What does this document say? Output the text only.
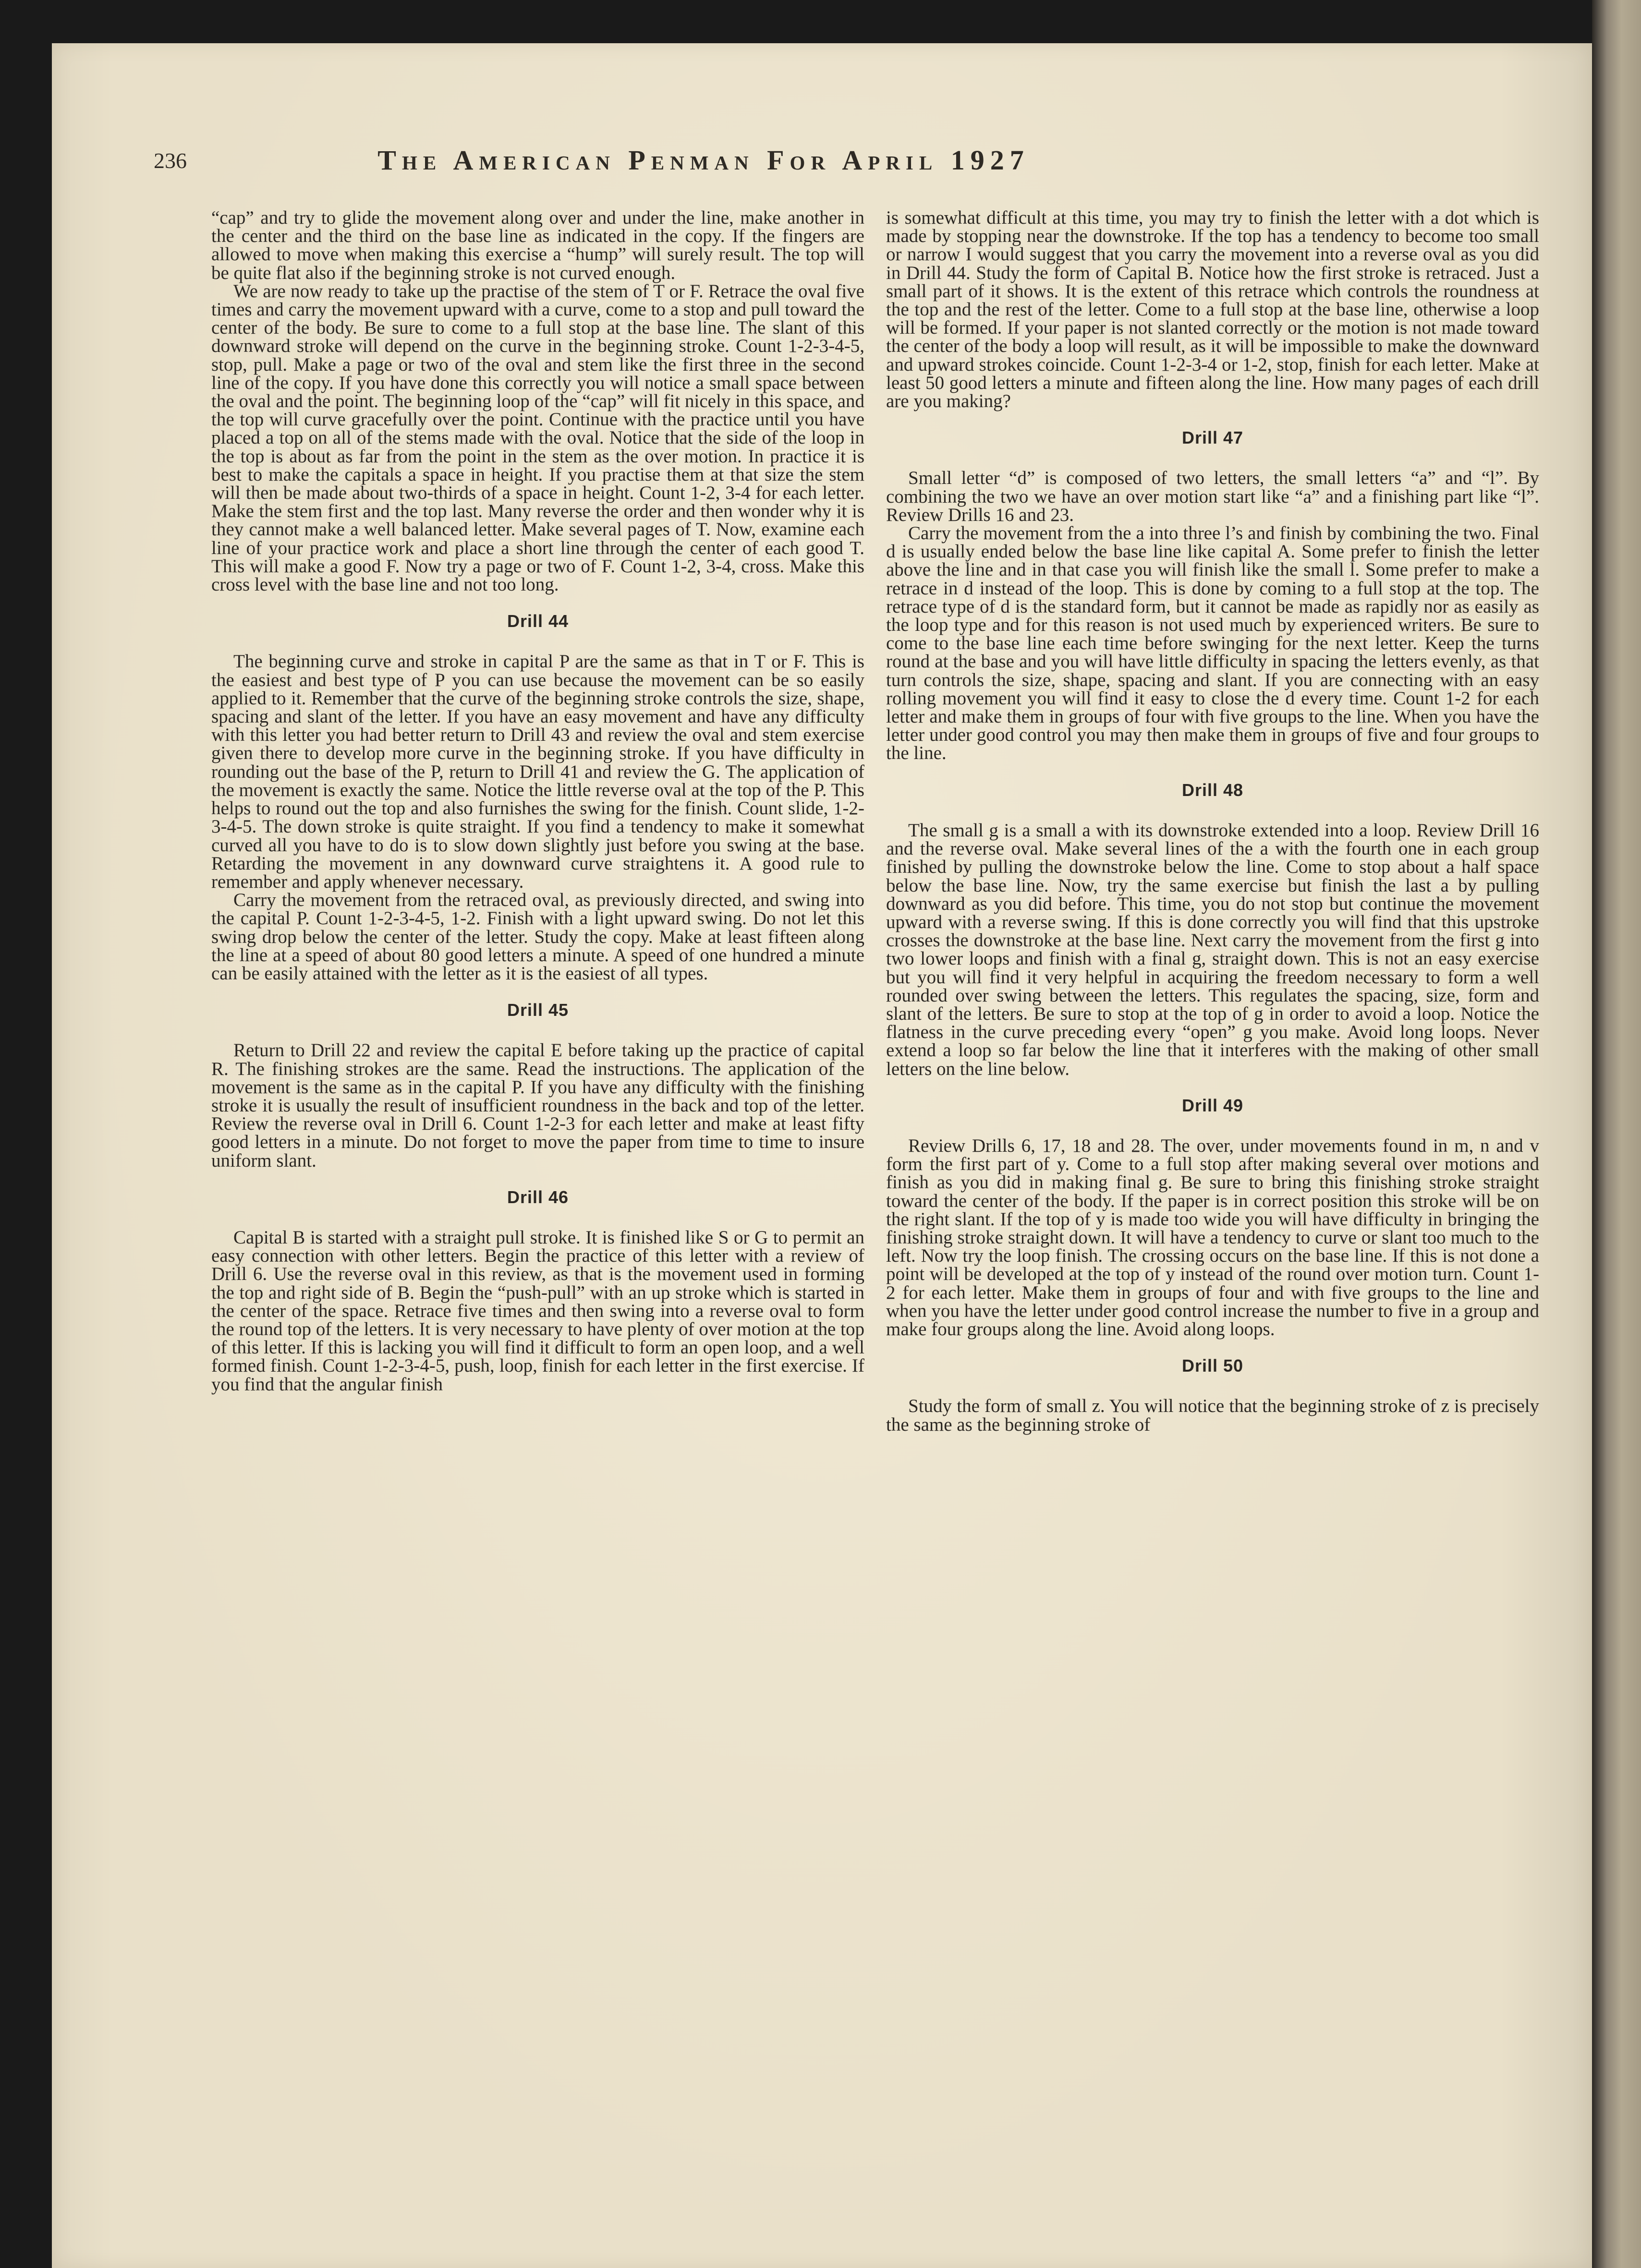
236	The American Penman For April 1927

“cap” and try to glide the movement along over and under the line, make another in the center and the third on the base line as indicated in the copy. If the fingers are allowed to move when making this exercise a “hump” will surely result. The top will be quite flat also if the beginning stroke is not curved enough.

We are now ready to take up the practise of the stem of T or F. Retrace the oval five times and carry the movement upward with a curve, come to a stop and pull toward the center of the body. Be sure to come to a full stop at the base line. The slant of this downward stroke will depend on the curve in the beginning stroke. Count 1-2-3-4-5, stop, pull. Make a page or two of the oval and stem like the first three in the second line of the copy. If you have done this correctly you will notice a small space between the oval and the point. The beginning loop of the “cap” will fit nicely in this space, and the top will curve gracefully over the point. Continue with the practice until you have placed a top on all of the stems made with the oval. Notice that the side of the loop in the top is about as far from the point in the stem as the over motion. In practice it is best to make the capitals a space in height. If you practise them at that size the stem will then be made about two-thirds of a space in height. Count 1-2, 3-4 for each letter. Make the stem first and the top last. Many reverse the order and then wonder why it is they cannot make a well balanced letter. Make several pages of T. Now, examine each line of your practice work and place a short line through the center of each good T. This will make a good F. Now try a page or two of F. Count 1-2, 3-4, cross. Make this cross level with the base line and not too long.

Drill 44

The beginning curve and stroke in capital P are the same as that in T or F. This is the easiest and best type of P you can use because the movement can be so easily applied to it. Remember that the curve of the beginning stroke controls the size, shape, spacing and slant of the letter. If you have an easy movement and have any difficulty with this letter you had better return to Drill 43 and review the oval and stem exercise given there to develop more curve in the beginning stroke. If you have difficulty in rounding out the base of the P, return to Drill 41 and review the G. The application of the movement is exactly the same. Notice the little reverse oval at the top of the P. This helps to round out the top and also furnishes the swing for the finish. Count slide, 1-2-3-4-5. The down stroke is quite straight. If you find a tendency to make it somewhat curved all you have to do is to slow down slightly just before you swing at the base. Retarding the movement in any downward curve straightens it. A good rule to remember and apply whenever necessary.

Carry the movement from the retraced oval, as previously directed, and swing into the capital P. Count 1-2-3-4-5, 1-2. Finish with a light upward swing. Do not let this swing drop below the center of the letter. Study the copy. Make at least fifteen along the line at a speed of about 80 good letters a minute. A speed of one hundred a minute can be easily attained with the letter as it is the easiest of all types.

Drill 45

Return to Drill 22 and review the capital E before taking up the practice of capital R. The finishing strokes are the same. Read the instructions. The application of the movement is the same as in the capital P. If you have any difficulty with the finishing stroke it is usually the result of insufficient roundness in the back and top of the letter. Review the reverse oval in Drill 6. Count 1-2-3 for each letter and make at least fifty good letters in a minute. Do not forget to move the paper from time to time to insure uniform slant.

Drill 46

Capital B is started with a straight pull stroke. It is finished like S or G to permit an easy connection with other letters. Begin the practice of this letter with a review of Drill 6. Use the reverse oval in this review, as that is the movement used in forming the top and right side of B. Begin the “push-pull” with an up stroke which is started in the center of the space. Retrace five times and then swing into a reverse oval to form the round top of the letters. It is very necessary to have plenty of over motion at the top of this letter. If this is lacking you will find it difficult to form an open loop, and a well formed finish. Count 1-2-3-4-5, push, loop, finish for each letter in the first exercise. If you find that the angular finish

is somewhat difficult at this time, you may try to finish the letter with a dot which is made by stopping near the downstroke. If the top has a tendency to become too small or narrow I would suggest that you carry the movement into a reverse oval as you did in Drill 44. Study the form of Capital B. Notice how the first stroke is retraced. Just a small part of it shows. It is the extent of this retrace which controls the roundness at the top and the rest of the letter. Come to a full stop at the base line, otherwise a loop will be formed. If your paper is not slanted correctly or the motion is not made toward the center of the body a loop will result, as it will be impossible to make the downward and upward strokes coincide. Count 1-2-3-4 or 1-2, stop, finish for each letter. Make at least 50 good letters a minute and fifteen along the line. How many pages of each drill are you making?

Drill 47

Small letter “d” is composed of two letters, the small letters “a” and “l”. By combining the two we have an over motion start like “a” and a finishing part like “l”. Review Drills 16 and 23.

Carry the movement from the a into three l’s and finish by combining the two. Final d is usually ended below the base line like capital A. Some prefer to finish the letter above the line and in that case you will finish like the small l. Some prefer to make a retrace in d instead of the loop. This is done by coming to a full stop at the top. The retrace type of d is the standard form, but it cannot be made as rapidly nor as easily as the loop type and for this reason is not used much by experienced writers. Be sure to come to the base line each time before swinging for the next letter. Keep the turns round at the base and you will have little difficulty in spacing the letters evenly, as that turn controls the size, shape, spacing and slant. If you are connecting with an easy rolling movement you will find it easy to close the d every time. Count 1-2 for each letter and make them in groups of four with five groups to the line. When you have the letter under good control you may then make them in groups of five and four groups to the line.

Drill 48

The small g is a small a with its downstroke extended into a loop. Review Drill 16 and the reverse oval. Make several lines of the a with the fourth one in each group finished by pulling the downstroke below the line. Come to stop about a half space below the base line. Now, try the same exercise but finish the last a by pulling downward as you did before. This time, you do not stop but continue the movement upward with a reverse swing. If this is done correctly you will find that this upstroke crosses the downstroke at the base line. Next carry the movement from the first g into two lower loops and finish with a final g, straight down. This is not an easy exercise but you will find it very helpful in acquiring the freedom necessary to form a well rounded over swing between the letters. This regulates the spacing, size, form and slant of the letters. Be sure to stop at the top of g in order to avoid a loop. Notice the flatness in the curve preceding every “open” g you make. Avoid long loops. Never extend a loop so far below the line that it interferes with the making of other small letters on the line below.

Drill 49

Review Drills 6, 17, 18 and 28. The over, under movements found in m, n and v form the first part of y. Come to a full stop after making several over motions and finish as you did in making final g. Be sure to bring this finishing stroke straight toward the center of the body. If the paper is in correct position this stroke will be on the right slant. If the top of y is made too wide you will have difficulty in bringing the finishing stroke straight down. It will have a tendency to curve or slant too much to the left. Now try the loop finish. The crossing occurs on the base line. If this is not done a point will be developed at the top of y instead of the round over motion turn. Count 1-2 for each letter. Make them in groups of four and with five groups to the line and when you have the letter under good control increase the number to five in a group and make four groups along the line. Avoid along loops.

Drill 50

Study the form of small z. You will notice that the beginning stroke of z is precisely the same as the beginning stroke of
